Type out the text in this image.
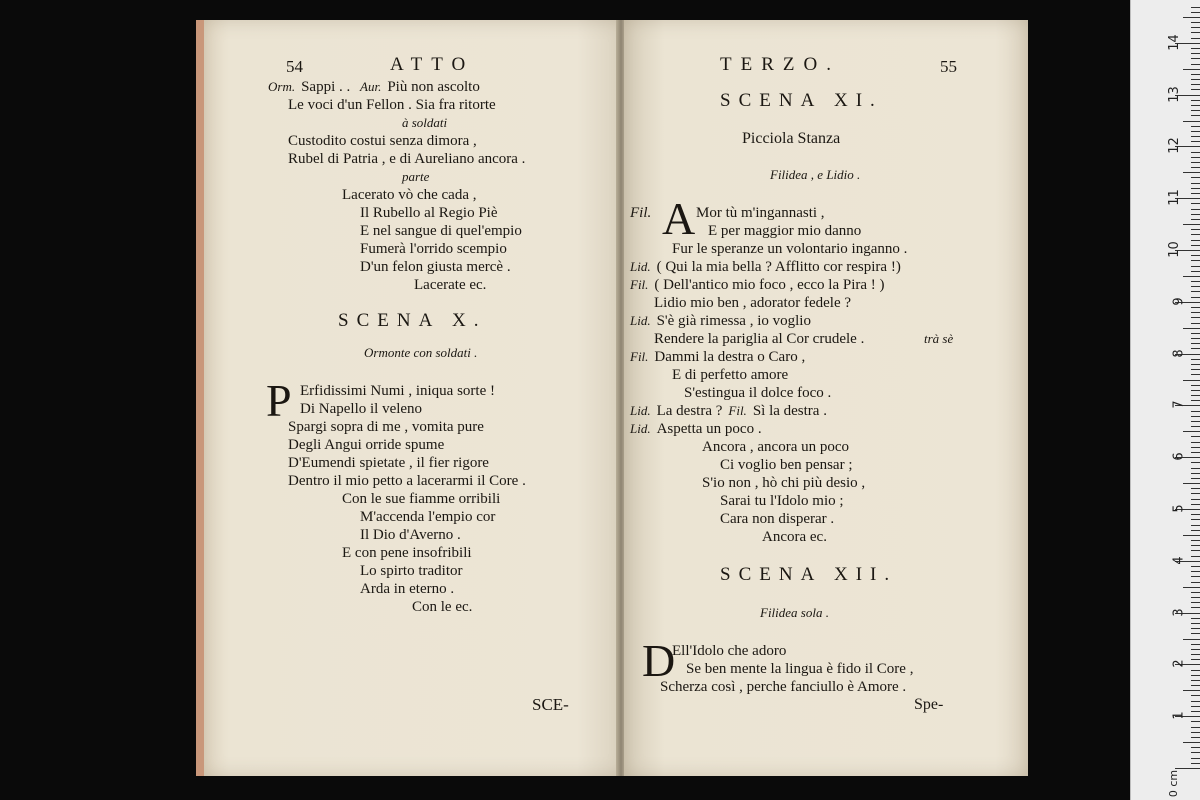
54	ATTO
Orm. Sappi . . Aur. Più non ascolto
Le voci d'un Fellon . Sia fra ritorte
à soldati
Custodito costui senza dimora ,
Rubel di Patria , e di Aureliano ancora .
parte
Lacerato vò che cada ,
Il Rubello al Regio Piè
E nel sangue di quel'empio
Fumerà l'orrido scempio
D'un felon giusta mercè .
Lacerate ec.
SCENA X.
Ormonte con soldati .
P Erfidissimi Numi , iniqua sorte !
Di Napello il veleno
Spargi sopra di me , vomita pure
Degli Angui orride spume
D'Eumendi spietate , il fier rigore
Dentro il mio petto a lacerarmi il Core .
Con le sue fiamme orribili
M'accenda l'empio cor
Il Dio d'Averno .
E con pene insofribili
Lo spirto traditor
Arda in eterno .
Con le ec.
SCE-
TERZO.	55
SCENA XI.
Picciola Stanza
Filidea , e Lidio .
Fil. A Mor tù m'ingannasti ,
E per maggior mio danno
Fur le speranze un volontario inganno .
Lid. ( Qui la mia bella ? Afflitto cor respira !)
Fil. ( Dell'antico mio foco , ecco la Pira ! )
Lidio mio ben , adorator fedele ?
Lid. S'è già rimessa , io voglio
Rendere la pariglia al Cor crudele .	trà sè
Fil. Dammi la destra o Caro ,
E di perfetto amore
S'estingua il dolce foco .
Lid. La destra ? Fil. Sì la destra .
Lid. Aspetta un poco .
Ancora , ancora un poco
Ci voglio ben pensar ;
S'io non , hò chi più desio ,
Sarai tu l'Idolo mio ;
Cara non disperar .
Ancora ec.
SCENA XII.
Filidea sola .
D
Ell'Idolo che adoro
Se ben mente la lingua è fido il Core ,
Scherza così , perche fanciullo è Amore .
Spe-
0 cm
1
2
3
4
5
6
7
8
9
10
11
12
13
14
